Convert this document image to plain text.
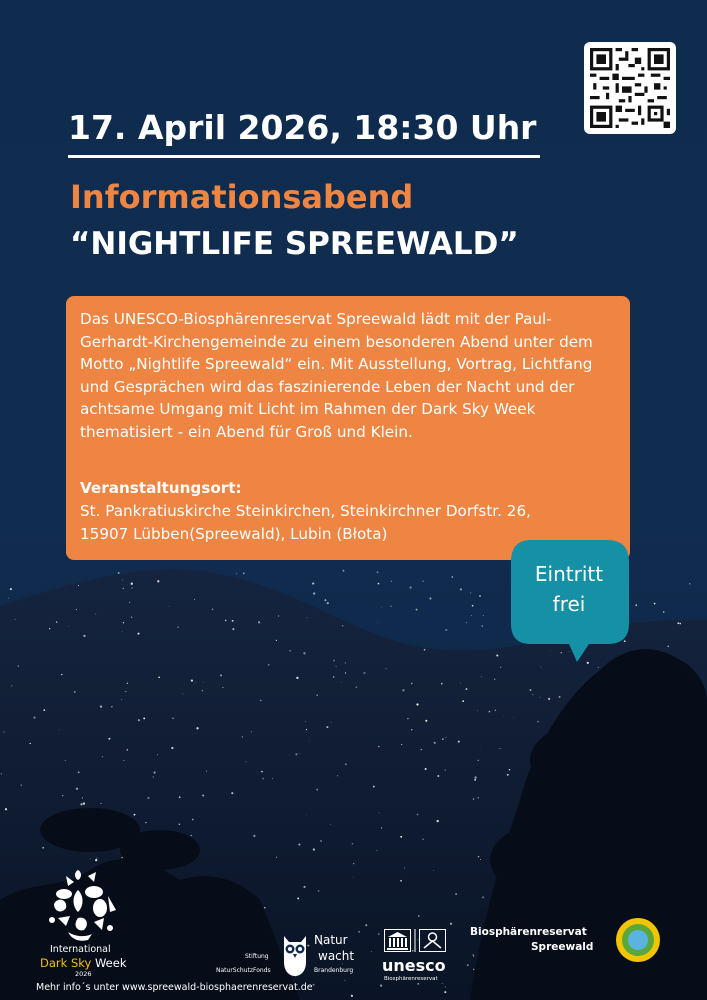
17. April 2026, 18:30 Uhr
Informationsabend
“NIGHTLIFE SPREEWALD”
Das UNESCO-Biosphärenreservat Spreewald lädt mit der Paul-Gerhardt-Kirchengemeinde zu einem besonderen Abend unter dem Motto „Nightlife Spreewald“ ein. Mit Ausstellung, Vortrag, Lichtfang und Gesprächen wird das faszinierende Leben der Nacht und der achtsame Umgang mit Licht im Rahmen der Dark Sky Week thematisiert - ein Abend für Groß und Klein.
Veranstaltungsort:
St. Pankratiuskirche Steinkirchen, Steinkirchner Dorfstr. 26,
15907 Lübben(Spreewald), Lubin (Błota)
Eintritt
frei
International
Dark Sky Week
2026
Stiftung
NaturSchutzFonds
Natur
wacht
Brandenburg unesco
Biosphärenreservat
Biosphärenreservat
Spreewald
Mehr info´s unter www.spreewald-biosphaerenreservat.de
